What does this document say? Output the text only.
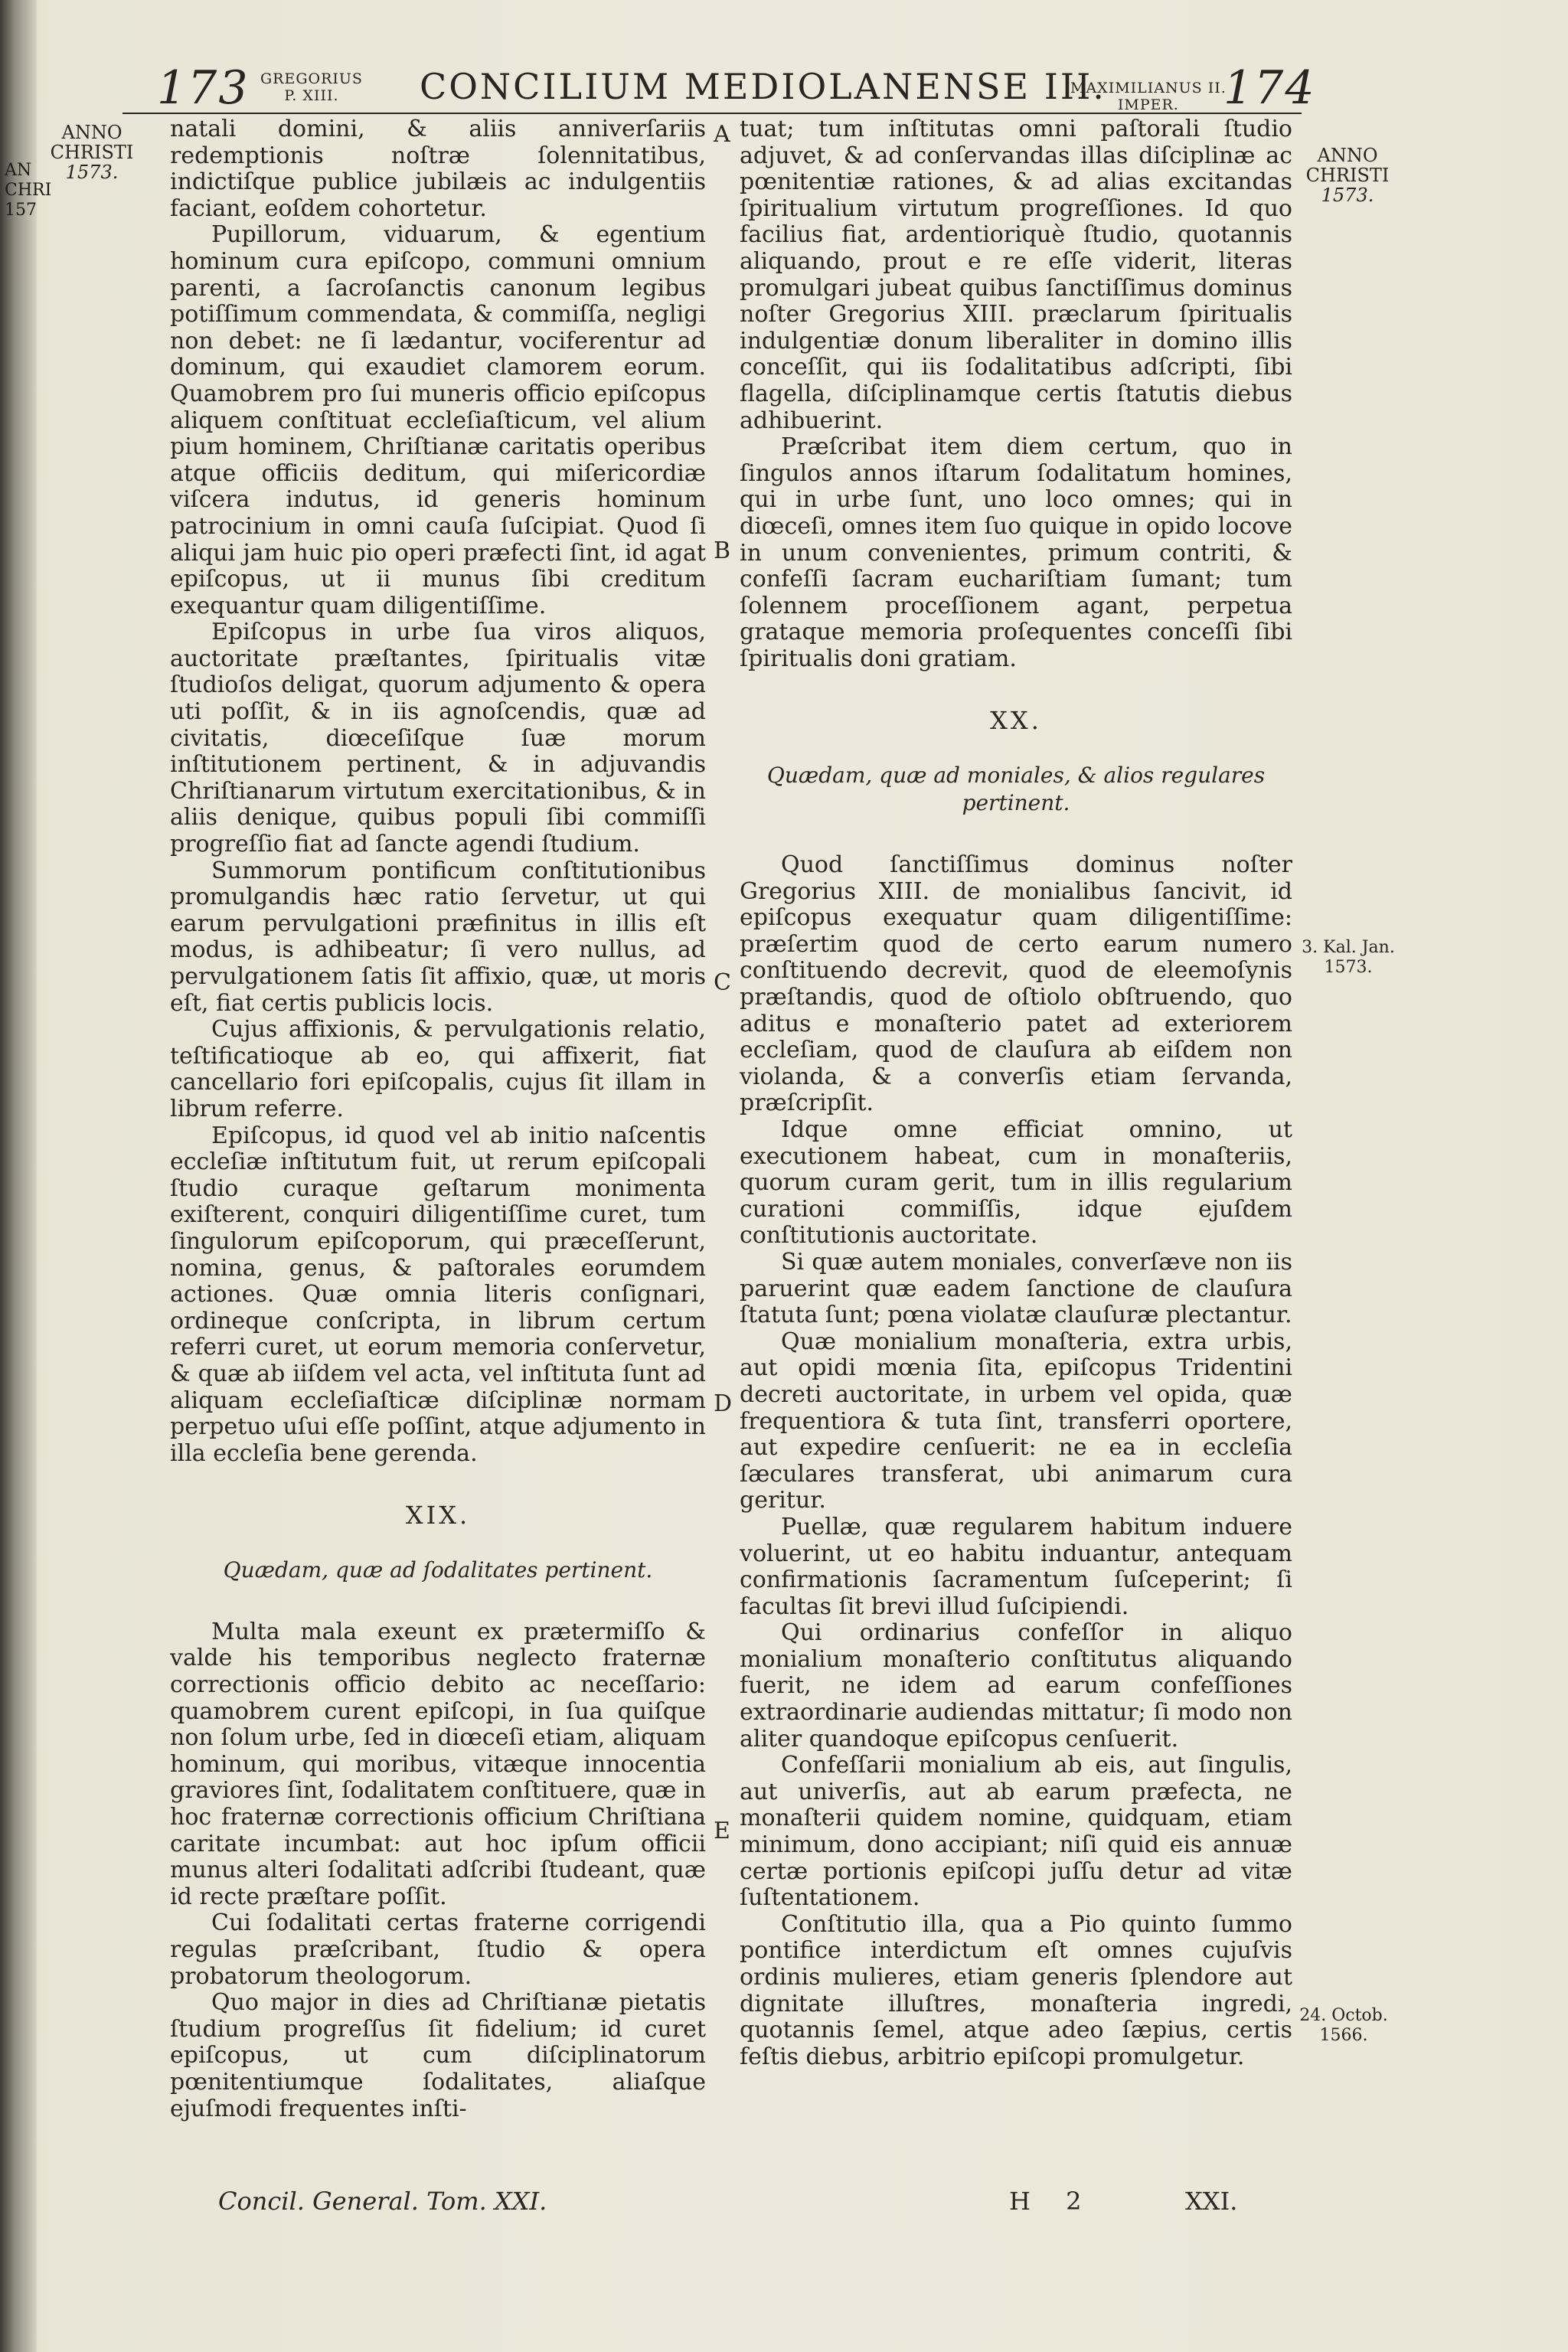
AN
CHRI
157
173 GREGORIUS
P. XIII.	CONCILIUM MEDIOLANENSE III.
MAXIMILIANUS II.
IMPER. 174
ANNO
CHRISTI
1573.
ANNO
CHRISTI
1573.
3. Kal. Jan.
1573.
24. Octob.
1566.
A
B
C
D
E

natali domini, & aliis anniverſariis redemptionis noſtræ ſolennitatibus, indictiſque publice jubilæis ac indulgentiis faciant, eoſdem cohortetur.

Pupillorum, viduarum, & egentium hominum cura epiſcopo, communi omnium parenti, a ſacroſanctis canonum legibus potiſſimum commendata, & commiſſa, negligi non debet: ne ſi lædantur, vociferentur ad dominum, qui exaudiet clamorem eorum. Quamobrem pro ſui muneris officio epiſcopus aliquem conſtituat eccleſiaſticum, vel alium pium hominem, Chriſtianæ caritatis operibus atque officiis deditum, qui miſericordiæ viſcera indutus, id generis hominum patrocinium in omni cauſa ſuſcipiat. Quod ſi aliqui jam huic pio operi præfecti ſint, id agat epiſcopus, ut ii munus ſibi creditum exequantur quam diligentiſſime.

Epiſcopus in urbe ſua viros aliquos, auctoritate præſtantes, ſpiritualis vitæ ſtudioſos deligat, quorum adjumento & opera uti poſſit, & in iis agnoſcendis, quæ ad civitatis, diœceſiſque ſuæ morum inſtitutionem pertinent, & in adjuvandis Chriſtianarum virtutum exercitationibus, & in aliis denique, quibus populi ſibi commiſſi progreſſio fiat ad ſancte agendi ſtudium.

Summorum pontificum conſtitutionibus promulgandis hæc ratio ſervetur, ut qui earum pervulgationi præfinitus in illis eſt modus, is adhibeatur; ſi vero nullus, ad pervulgationem ſatis ſit affixio, quæ, ut moris eſt, fiat certis publicis locis.

Cujus affixionis, & pervulgationis relatio, teſtificatioque ab eo, qui affixerit, fiat cancellario fori epiſcopalis, cujus ſit illam in librum referre.

Epiſcopus, id quod vel ab initio naſcentis eccleſiæ inſtitutum fuit, ut rerum epiſcopali ſtudio curaque geſtarum monimenta exiſterent, conquiri diligentiſſime curet, tum ſingulorum epiſcoporum, qui præceſſerunt, nomina, genus, & paſtorales eorumdem actiones. Quæ omnia literis conſignari, ordineque conſcripta, in librum certum referri curet, ut eorum memoria conſervetur, & quæ ab iiſdem vel acta, vel inſtituta ſunt ad aliquam eccleſiaſticæ diſciplinæ normam perpetuo uſui eſſe poſſint, atque adjumento in illa eccleſia bene gerenda.

XIX.
Quædam, quæ ad ſodalitates pertinent.

Multa mala exeunt ex prætermiſſo & valde his temporibus neglecto fraternæ correctionis officio debito ac neceſſario: quamobrem curent epiſcopi, in ſua quiſque non ſolum urbe, ſed in diœceſi etiam, aliquam hominum, qui moribus, vitæque innocentia graviores ſint, ſodalitatem conſtituere, quæ in hoc fraternæ correctionis officium Chriſtiana caritate incumbat: aut hoc ipſum officii munus alteri ſodalitati adſcribi ſtudeant, quæ id recte præſtare poſſit.

Cui ſodalitati certas fraterne corrigendi regulas præſcribant, ſtudio & opera probatorum theologorum.

Quo major in dies ad Chriſtianæ pietatis ſtudium progreſſus ſit fidelium; id curet epiſcopus, ut cum diſciplinatorum pœnitentiumque ſodalitates, aliaſque ejuſmodi frequentes inſti-

tuat; tum inſtitutas omni paſtorali ſtudio adjuvet, & ad conſervandas illas diſciplinæ ac pœnitentiæ rationes, & ad alias excitandas ſpiritualium virtutum progreſſiones. Id quo facilius fiat, ardentioriquè ſtudio, quotannis aliquando, prout e re eſſe viderit, literas promulgari jubeat quibus ſanctiſſimus dominus noſter Gregorius XIII. præclarum ſpiritualis indulgentiæ donum liberaliter in domino illis conceſſit, qui iis ſodalitatibus adſcripti, ſibi flagella, diſciplinamque certis ſtatutis diebus adhibuerint.

Præſcribat item diem certum, quo in ſingulos annos iſtarum ſodalitatum homines, qui in urbe ſunt, uno loco omnes; qui in diœceſi, omnes item ſuo quique in opido locove in unum convenientes, primum contriti, & confeſſi ſacram euchariſtiam ſumant; tum ſolennem proceſſionem agant, perpetua grataque memoria proſequentes conceſſi ſibi ſpiritualis doni gratiam.

XX.
Quædam, quæ ad moniales, & alios regulares pertinent.

Quod ſanctiſſimus dominus noſter Gregorius XIII. de monialibus ſancivit, id epiſcopus exequatur quam diligentiſſime: præſertim quod de certo earum numero conſtituendo decrevit, quod de eleemoſynis præſtandis, quod de oſtiolo obſtruendo, quo aditus e monaſterio patet ad exteriorem eccleſiam, quod de clauſura ab eiſdem non violanda, & a converſis etiam ſervanda, præſcripſit.

Idque omne efficiat omnino, ut executionem habeat, cum in monaſteriis, quorum curam gerit, tum in illis regularium curationi commiſſis, idque ejuſdem conſtitutionis auctoritate.

Si quæ autem moniales, converſæve non iis paruerint quæ eadem ſanctione de clauſura ſtatuta ſunt; pœna violatæ clauſuræ plectantur.

Quæ monialium monaſteria, extra urbis, aut opidi mœnia ſita, epiſcopus Tridentini decreti auctoritate, in urbem vel opida, quæ frequentiora & tuta ſint, transferri oportere, aut expedire cenſuerit: ne ea in eccleſia ſæculares transferat, ubi animarum cura geritur.

Puellæ, quæ regularem habitum induere voluerint, ut eo habitu induantur, antequam confirmationis ſacramentum ſuſceperint; ſi facultas ſit brevi illud ſuſcipiendi.

Qui ordinarius confeſſor in aliquo monialium monaſterio conſtitutus aliquando fuerit, ne idem ad earum confeſſiones extraordinarie audiendas mittatur; ſi modo non aliter quandoque epiſcopus cenſuerit.

Confeſſarii monialium ab eis, aut ſingulis, aut univerſis, aut ab earum præfecta, ne monaſterii quidem nomine, quidquam, etiam minimum, dono accipiant; niſi quid eis annuæ certæ portionis epiſcopi juſſu detur ad vitæ ſuſtentationem.

Conſtitutio illa, qua a Pio quinto ſummo pontifice interdictum eſt omnes cujuſvis ordinis mulieres, etiam generis ſplendore aut dignitate illuſtres, monaſteria ingredi, quotannis ſemel, atque adeo ſæpius, certis feſtis diebus, arbitrio epiſcopi promulgetur.

Concil. General. Tom. XXI.	H 2	XXI.
